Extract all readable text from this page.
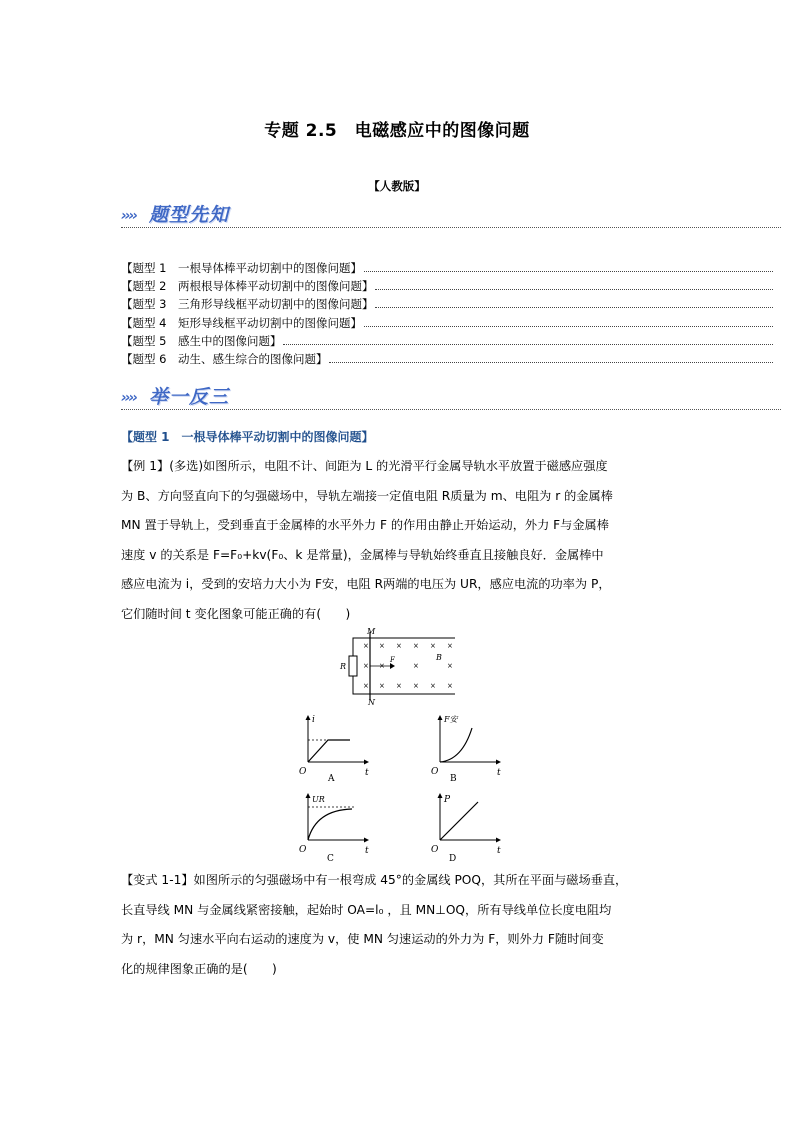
专题 2.5　电磁感应中的图像问题
【人教版】
›››› 题型先知
【题型 1　一根导体棒平动切割中的图像问题】
【题型 2　两根根导体棒平动切割中的图像问题】
【题型 3　三角形导线框平动切割中的图像问题】
【题型 4　矩形导线框平动切割中的图像问题】
【题型 5　感生中的图像问题】
【题型 6　动生、感生综合的图像问题】
›››› 举一反三
【题型 1　一根导体棒平动切割中的图像问题】

【例 1】(多选)如图所示，电阻不计、间距为 L 的光滑平行金属导轨水平放置于磁感应强度

为 B、方向竖直向下的匀强磁场中，导轨左端接一定值电阻 R质量为 m、电阻为 r 的金属棒

MN 置于导轨上，受到垂直于金属棒的水平外力 F 的作用由静止开始运动，外力 F与金属棒

速度 v 的关系是 F=F₀+kv(F₀、k 是常量)，金属棒与导轨始终垂直且接触良好．金属棒中

感应电流为 i，受到的安培力大小为 F安，电阻 R两端的电压为 UR，感应电流的功率为 P，

它们随时间 t 变化图象可能正确的有(　　)

M
N
R
B
F
×
×
×
× × × × ×
×	×	×
× × × × ×
i
t
O
A
F安
t
O
B
UR
t
O
C
P
t
O
D

【变式 1-1】如图所示的匀强磁场中有一根弯成 45°的金属线 POQ，其所在平面与磁场垂直，

长直导线 MN 与金属线紧密接触，起始时 OA=l₀ ，且 MN⊥OQ，所有导线单位长度电阻均

为 r，MN 匀速水平向右运动的速度为 v，使 MN 匀速运动的外力为 F，则外力 F随时间变

化的规律图象正确的是(　　)
